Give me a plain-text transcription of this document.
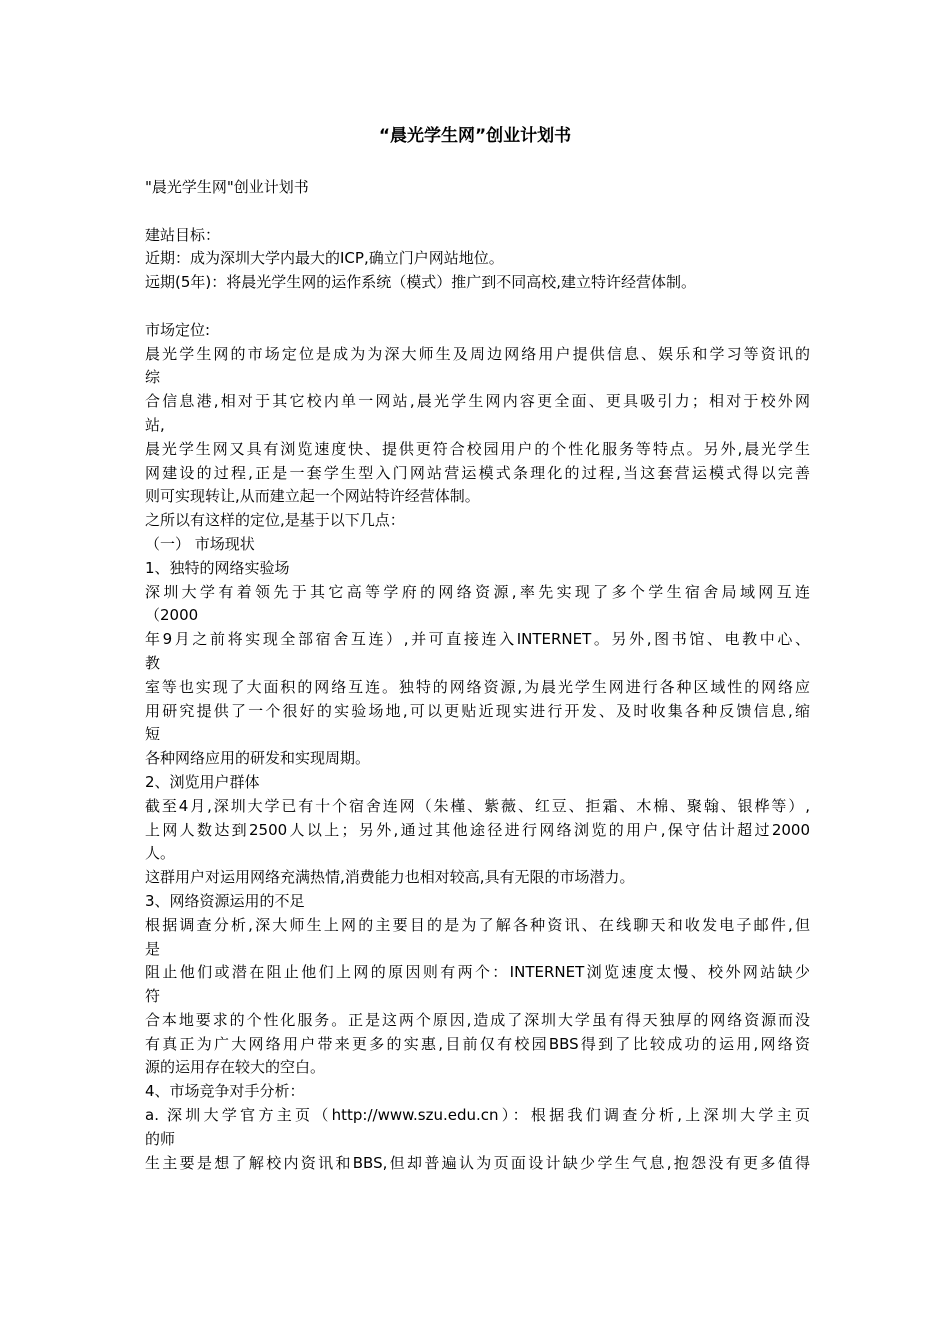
“晨光学生网”创业计划书
"晨光学生网"创业计划书
建站目标：
近期：成为深圳大学内最大的ICP,确立门户网站地位。
远期(5年)：将晨光学生网的运作系统（模式）推广到不同高校,建立特许经营体制。
市场定位:
晨光学生网的市场定位是成为为深大师生及周边网络用户提供信息、娱乐和学习等资讯的
综
合信息港,相对于其它校内单一网站,晨光学生网内容更全面、更具吸引力；相对于校外网
站,
晨光学生网又具有浏览速度快、提供更符合校园用户的个性化服务等特点。另外,晨光学生
网建设的过程,正是一套学生型入门网站营运模式条理化的过程,当这套营运模式得以完善
则可实现转让,从而建立起一个网站特许经营体制。
之所以有这样的定位,是基于以下几点：
（一） 市场现状
1、独特的网络实验场
深圳大学有着领先于其它高等学府的网络资源,率先实现了多个学生宿舍局域网互连
（2000
年9月之前将实现全部宿舍互连）,并可直接连入INTERNET。另外,图书馆、电教中心、
教
室等也实现了大面积的网络互连。独特的网络资源,为晨光学生网进行各种区域性的网络应
用研究提供了一个很好的实验场地,可以更贴近现实进行开发、及时收集各种反馈信息,缩
短
各种网络应用的研发和实现周期。
2、浏览用户群体
截至4月,深圳大学已有十个宿舍连网（朱槿、紫薇、红豆、拒霜、木棉、聚翰、银桦等）,
上网人数达到2500人以上；另外,通过其他途径进行网络浏览的用户,保守估计超过2000
人。
这群用户对运用网络充满热情,消费能力也相对较高,具有无限的市场潜力。
3、网络资源运用的不足
根据调查分析,深大师生上网的主要目的是为了解各种资讯、在线聊天和收发电子邮件,但
是
阻止他们或潜在阻止他们上网的原因则有两个：INTERNET浏览速度太慢、校外网站缺少
符
合本地要求的个性化服务。正是这两个原因,造成了深圳大学虽有得天独厚的网络资源而没
有真正为广大网络用户带来更多的实惠,目前仅有校园BBS得到了比较成功的运用,网络资
源的运用存在较大的空白。
4、市场竞争对手分析：
a. 深圳大学官方主页（http://www.szu.edu.cn）：根据我们调查分析,上深圳大学主页
的师
生主要是想了解校内资讯和BBS,但却普遍认为页面设计缺少学生气息,抱怨没有更多值得
